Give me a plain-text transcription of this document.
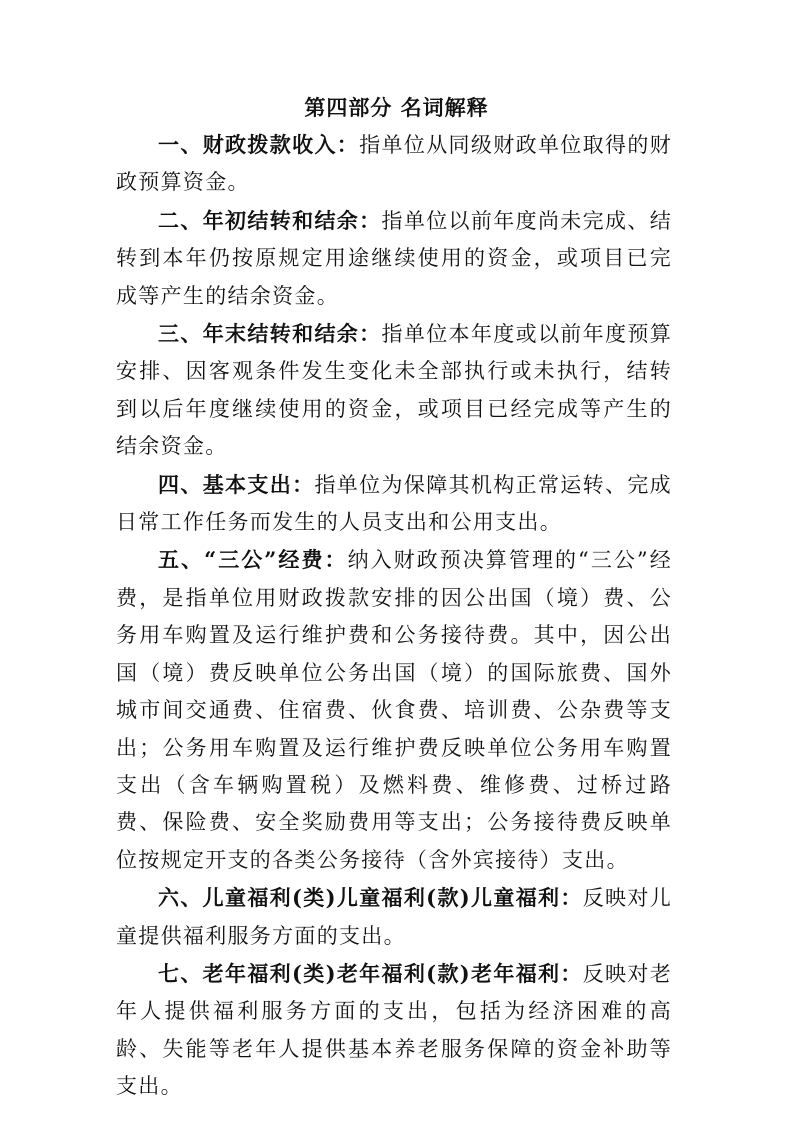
第四部分 名词解释

一、财政拨款收入：指单位从同级财政单位取得的财政预算资金。

二、年初结转和结余：指单位以前年度尚未完成、结转到本年仍按原规定用途继续使用的资金，或项目已完成等产生的结余资金。

三、年末结转和结余：指单位本年度或以前年度预算安排、因客观条件发生变化未全部执行或未执行，结转到以后年度继续使用的资金，或项目已经完成等产生的结余资金。

四、基本支出：指单位为保障其机构正常运转、完成日常工作任务而发生的人员支出和公用支出。

五、“三公”经费：纳入财政预决算管理的“三公”经费，是指单位用财政拨款安排的因公出国（境）费、公务用车购置及运行维护费和公务接待费。其中，因公出国（境）费反映单位公务出国（境）的国际旅费、国外城市间交通费、住宿费、伙食费、培训费、公杂费等支出；公务用车购置及运行维护费反映单位公务用车购置支出（含车辆购置税）及燃料费、维修费、过桥过路费、保险费、安全奖励费用等支出；公务接待费反映单位按规定开支的各类公务接待（含外宾接待）支出。

六、儿童福利(类)儿童福利(款)儿童福利：反映对儿童提供福利服务方面的支出。

七、老年福利(类)老年福利(款)老年福利：反映对老年人提供福利服务方面的支出，包括为经济困难的高龄、失能等老年人提供基本养老服务保障的资金补助等支出。
